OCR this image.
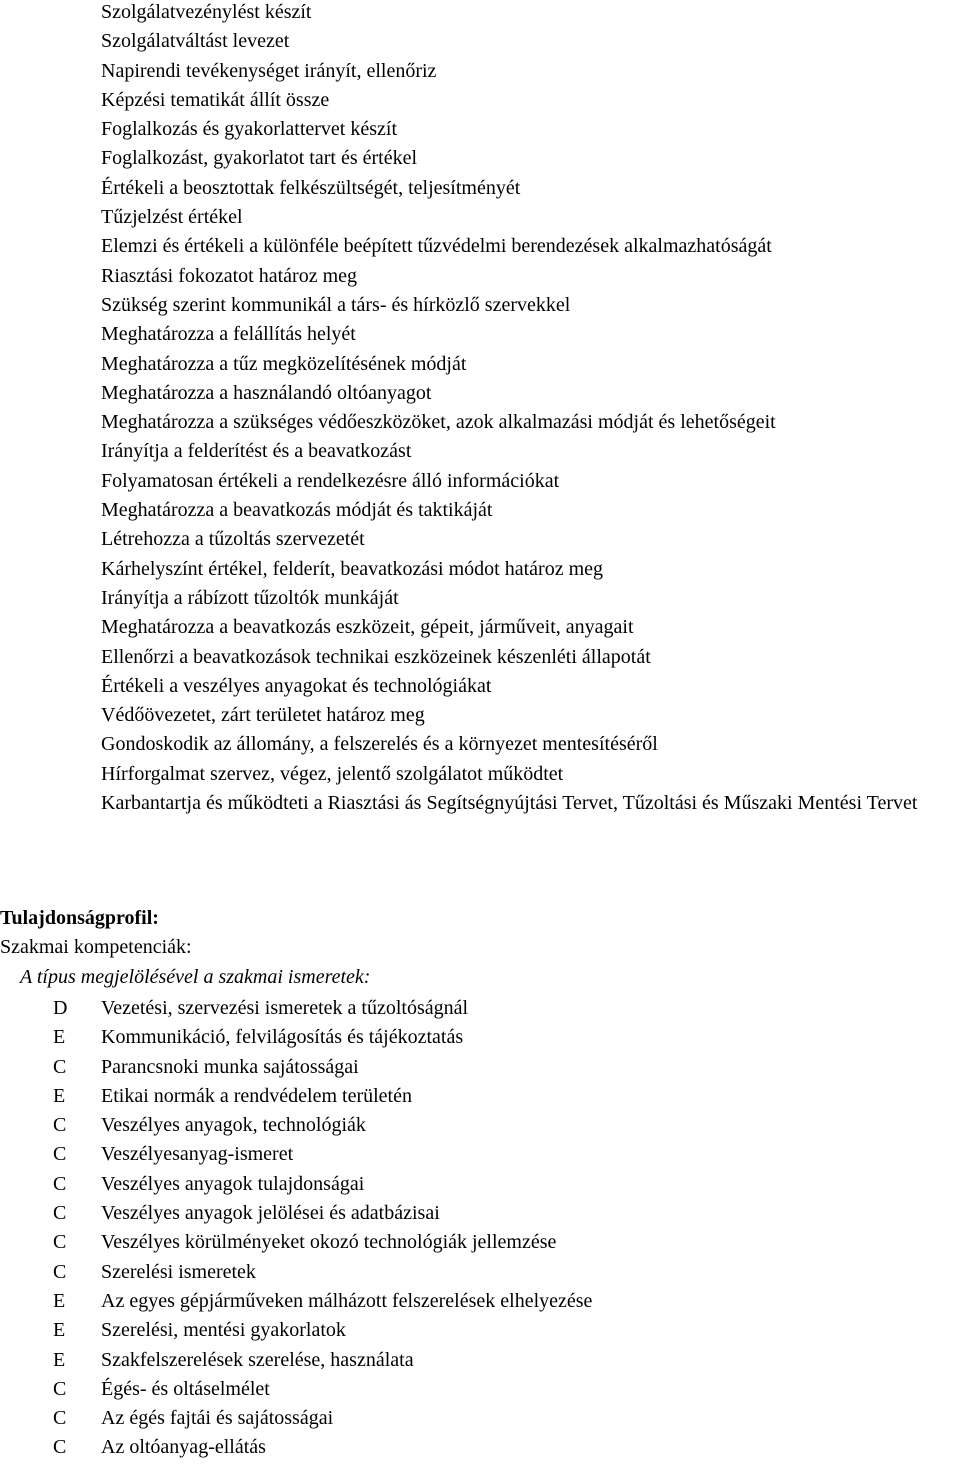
Szolgálatvezénylést készít
Szolgálatváltást levezet
Napirendi tevékenységet irányít, ellenőriz
Képzési tematikát állít össze
Foglalkozás és gyakorlattervet készít
Foglalkozást, gyakorlatot tart és értékel
Értékeli a beosztottak felkészültségét, teljesítményét
Tűzjelzést értékel
Elemzi és értékeli a különféle beépített tűzvédelmi berendezések alkalmazhatóságát
Riasztási fokozatot határoz meg
Szükség szerint kommunikál a társ- és hírközlő szervekkel
Meghatározza a felállítás helyét
Meghatározza a tűz megközelítésének módját
Meghatározza a használandó oltóanyagot
Meghatározza a szükséges védőeszközöket, azok alkalmazási módját és lehetőségeit
Irányítja a felderítést és a beavatkozást
Folyamatosan értékeli a rendelkezésre álló információkat
Meghatározza a beavatkozás módját és taktikáját
Létrehozza a tűzoltás szervezetét
Kárhelyszínt értékel, felderít, beavatkozási módot határoz meg
Irányítja a rábízott tűzoltók munkáját
Meghatározza a beavatkozás eszközeit, gépeit, járműveit, anyagait
Ellenőrzi a beavatkozások technikai eszközeinek készenléti állapotát
Értékeli a veszélyes anyagokat és technológiákat
Védőövezetet, zárt területet határoz meg
Gondoskodik az állomány, a felszerelés és a környezet mentesítéséről
Hírforgalmat szervez, végez, jelentő szolgálatot működtet
Karbantartja és működteti a Riasztási ás Segítségnyújtási Tervet, Tűzoltási és Műszaki Mentési Tervet
Tulajdonságprofil:
Szakmai kompetenciák:
A típus megjelölésével a szakmai ismeretek:
D	Vezetési, szervezési ismeretek a tűzoltóságnál
E	Kommunikáció, felvilágosítás és tájékoztatás
C	Parancsnoki munka sajátosságai
E	Etikai normák a rendvédelem területén
C	Veszélyes anyagok, technológiák
C	Veszélyesanyag-ismeret
C	Veszélyes anyagok tulajdonságai
C	Veszélyes anyagok jelölései és adatbázisai
C	Veszélyes körülményeket okozó technológiák jellemzése
C	Szerelési ismeretek
E	Az egyes gépjárműveken málházott felszerelések elhelyezése
E	Szerelési, mentési gyakorlatok
E	Szakfelszerelések szerelése, használata
C	Égés- és oltáselmélet
C	Az égés fajtái és sajátosságai
C	Az oltóanyag-ellátás
